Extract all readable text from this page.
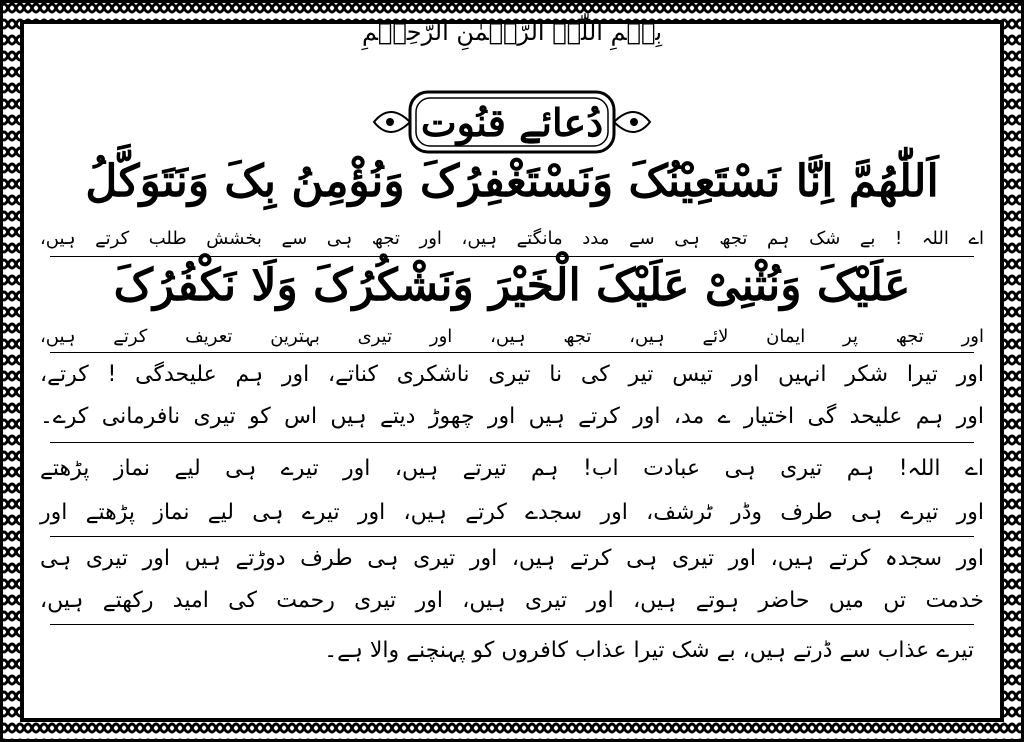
بِسۡمِ اللّٰہِ الرَّحۡمٰنِ الرَّحِیۡمِ
دُعائے قنُوت
اَللّٰھُمَّ اِنَّا نَسْتَعِیْنُکَ وَنَسْتَغْفِرُکَ وَنُؤْمِنُ بِکَ وَنَتَوَکَّلُ
اے اللہ ! بے شک ہم تجھ ہی سے مدد مانگتے ہیں، اور تجھ ہی سے بخشش طلب کرتے ہیں،
عَلَیْکَ وَنُثْنِیْ عَلَیْکَ الْخَیْرَ وَنَشْکُرُکَ وَلَا نَکْفُرُکَ
اور تجھ پر ایمان لائے ہیں، تجھ ہیں، اور تیری بہترین تعریف کرتے ہیں،
اور تیرا شکر انہیں اور تیس تیر کی نا تیری ناشکری کناتے، اور ہم علیحدگی ! کرتے،
اور ہم علیحد گی اختیار ے مد، اور کرتے ہیں اور چھوڑ دیتے ہیں اس کو تیری نافرمانی کرے۔
اے اللہ! ہم تیری ہی عبادت اب! ہم تیرتے ہیں، اور تیرے ہی لیے نماز پڑھتے
اور تیرے ہی طرف وڈر ٹرشف، اور سجدے کرتے ہیں، اور تیرے ہی لیے نماز پڑھتے اور
اور سجدہ کرتے ہیں، اور تیری ہی کرتے ہیں، اور تیری ہی طرف دوڑتے ہیں اور تیری ہی
خدمت تں میں حاضر ہوتے ہیں، اور تیری ہیں، اور تیری رحمت کی امید رکھتے ہیں،
تیرے عذاب سے ڈرتے ہیں، بے شک تیرا عذاب کافروں کو پہنچنے والا ہے۔
